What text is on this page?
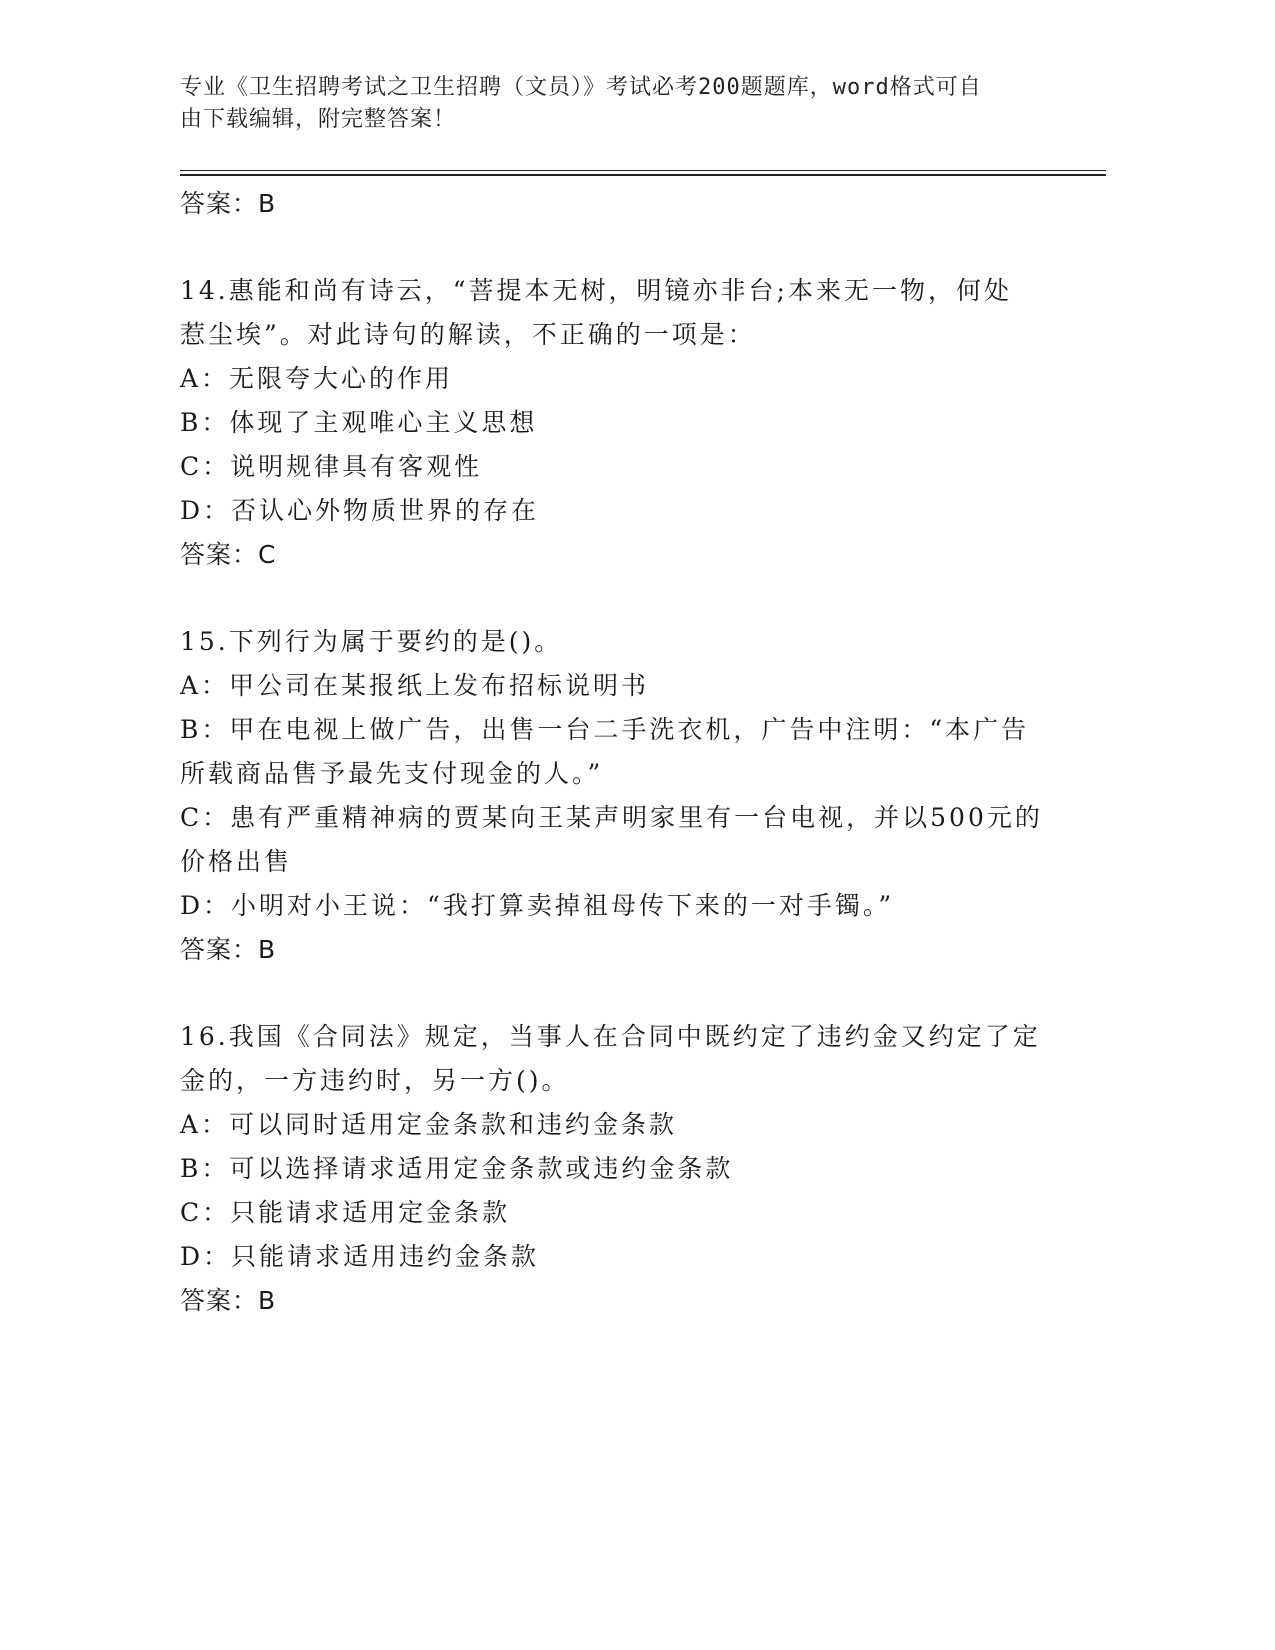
专业《卫生招聘考试之卫生招聘（文员）》考试必考200题题库，word格式可自
由下载编辑，附完整答案！
答案：B
14.惠能和尚有诗云，“菩提本无树，明镜亦非台;本来无一物，何处
惹尘埃”。对此诗句的解读，不正确的一项是：
A：无限夸大心的作用
B：体现了主观唯心主义思想
C：说明规律具有客观性
D：否认心外物质世界的存在
答案：C
15.下列行为属于要约的是()。
A：甲公司在某报纸上发布招标说明书
B：甲在电视上做广告，出售一台二手洗衣机，广告中注明：“本广告
所载商品售予最先支付现金的人。”
C：患有严重精神病的贾某向王某声明家里有一台电视，并以500元的
价格出售
D：小明对小王说：“我打算卖掉祖母传下来的一对手镯。”
答案：B
16.我国《合同法》规定，当事人在合同中既约定了违约金又约定了定
金的，一方违约时，另一方()。
A：可以同时适用定金条款和违约金条款
B：可以选择请求适用定金条款或违约金条款
C：只能请求适用定金条款
D：只能请求适用违约金条款
答案：B
